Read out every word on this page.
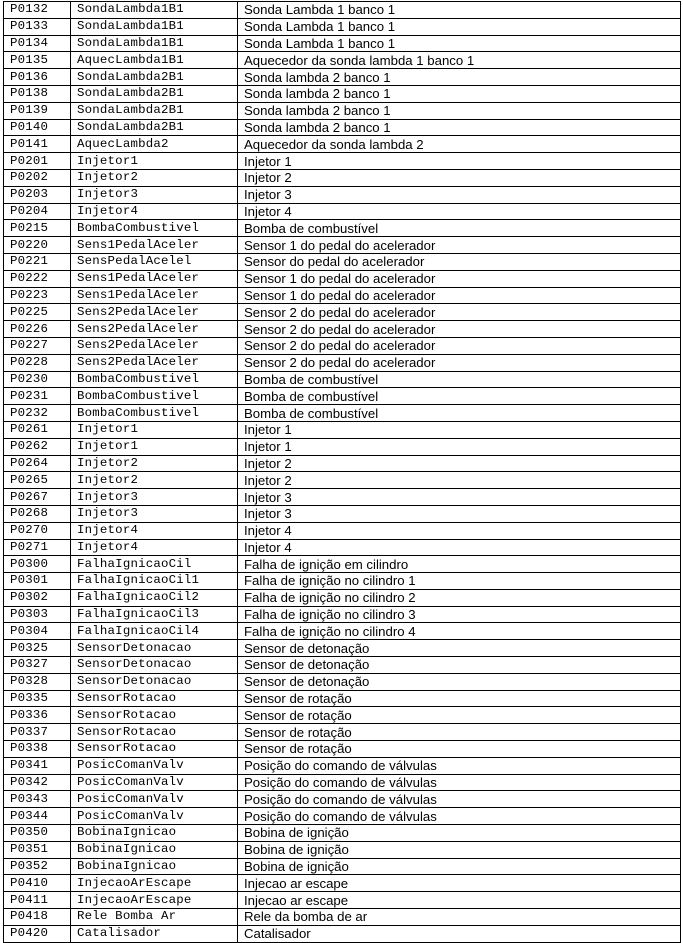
P0132	SondaLambda1B1	Sonda Lambda 1 banco 1
P0133	SondaLambda1B1	Sonda Lambda 1 banco 1
P0134	SondaLambda1B1	Sonda Lambda 1 banco 1
P0135	AquecLambda1B1	Aquecedor da sonda lambda 1 banco 1
P0136	SondaLambda2B1	Sonda lambda 2 banco 1
P0138	SondaLambda2B1	Sonda lambda 2 banco 1
P0139	SondaLambda2B1	Sonda lambda 2 banco 1
P0140	SondaLambda2B1	Sonda lambda 2 banco 1
P0141	AquecLambda2	Aquecedor da sonda lambda 2
P0201	Injetor1	Injetor 1
P0202	Injetor2	Injetor 2
P0203	Injetor3	Injetor 3
P0204	Injetor4	Injetor 4
P0215	BombaCombustivel	Bomba de combustível
P0220	Sens1PedalAceler	Sensor 1 do pedal do acelerador
P0221	SensPedalAcelel	Sensor do pedal do acelerador
P0222	Sens1PedalAceler	Sensor 1 do pedal do acelerador
P0223	Sens1PedalAceler	Sensor 1 do pedal do acelerador
P0225	Sens2PedalAceler	Sensor 2 do pedal do acelerador
P0226	Sens2PedalAceler	Sensor 2 do pedal do acelerador
P0227	Sens2PedalAceler	Sensor 2 do pedal do acelerador
P0228	Sens2PedalAceler	Sensor 2 do pedal do acelerador
P0230	BombaCombustivel	Bomba de combustível
P0231	BombaCombustivel	Bomba de combustível
P0232	BombaCombustivel	Bomba de combustível
P0261	Injetor1	Injetor 1
P0262	Injetor1	Injetor 1
P0264	Injetor2	Injetor 2
P0265	Injetor2	Injetor 2
P0267	Injetor3	Injetor 3
P0268	Injetor3	Injetor 3
P0270	Injetor4	Injetor 4
P0271	Injetor4	Injetor 4
P0300	FalhaIgnicaoCil	Falha de ignição em cilindro
P0301	FalhaIgnicaoCil1	Falha de ignição no cilindro 1
P0302	FalhaIgnicaoCil2	Falha de ignição no cilindro 2
P0303	FalhaIgnicaoCil3	Falha de ignição no cilindro 3
P0304	FalhaIgnicaoCil4	Falha de ignição no cilindro 4
P0325	SensorDetonacao	Sensor de detonação
P0327	SensorDetonacao	Sensor de detonação
P0328	SensorDetonacao	Sensor de detonação
P0335	SensorRotacao	Sensor de rotação
P0336	SensorRotacao	Sensor de rotação
P0337	SensorRotacao	Sensor de rotação
P0338	SensorRotacao	Sensor de rotação
P0341	PosicComanValv	Posição do comando de válvulas
P0342	PosicComanValv	Posição do comando de válvulas
P0343	PosicComanValv	Posição do comando de válvulas
P0344	PosicComanValv	Posição do comando de válvulas
P0350	BobinaIgnicao	Bobina de ignição
P0351	BobinaIgnicao	Bobina de ignição
P0352	BobinaIgnicao	Bobina de ignição
P0410	InjecaoArEscape	Injecao ar escape
P0411	InjecaoArEscape	Injecao ar escape
P0418	Rele Bomba Ar	Rele da bomba de ar
P0420	Catalisador	Catalisador
